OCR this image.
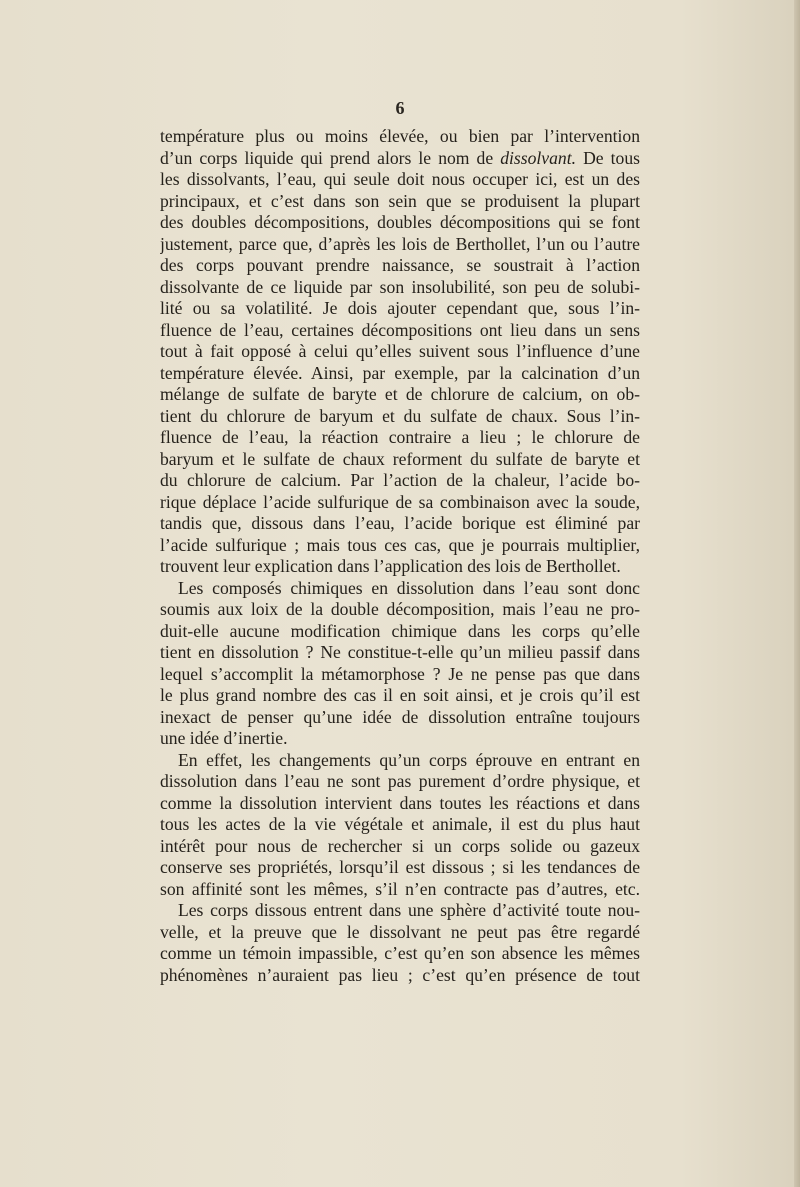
6
température plus ou moins élevée, ou bien par l’intervention
d’un corps liquide qui prend alors le nom de dissolvant. De tous
les dissolvants, l’eau, qui seule doit nous occuper ici, est un des
principaux, et c’est dans son sein que se produisent la plupart
des doubles décompositions, doubles décompositions qui se font
justement, parce que, d’après les lois de Berthollet, l’un ou l’autre
des corps pouvant prendre naissance, se soustrait à l’action
dissolvante de ce liquide par son insolubilité, son peu de solubi-
lité ou sa volatilité. Je dois ajouter cependant que, sous l’in-
fluence de l’eau, certaines décompositions ont lieu dans un sens
tout à fait opposé à celui qu’elles suivent sous l’influence d’une
température élevée. Ainsi, par exemple, par la calcination d’un
mélange de sulfate de baryte et de chlorure de calcium, on ob-
tient du chlorure de baryum et du sulfate de chaux. Sous l’in-
fluence de l’eau, la réaction contraire a lieu ; le chlorure de
baryum et le sulfate de chaux reforment du sulfate de baryte et
du chlorure de calcium. Par l’action de la chaleur, l’acide bo-
rique déplace l’acide sulfurique de sa combinaison avec la soude,
tandis que, dissous dans l’eau, l’acide borique est éliminé par
l’acide sulfurique ; mais tous ces cas, que je pourrais multiplier,
trouvent leur explication dans l’application des lois de Berthollet.
Les composés chimiques en dissolution dans l’eau sont donc
soumis aux loix de la double décomposition, mais l’eau ne pro-
duit-elle aucune modification chimique dans les corps qu’elle
tient en dissolution ? Ne constitue-t-elle qu’un milieu passif dans
lequel s’accomplit la métamorphose ? Je ne pense pas que dans
le plus grand nombre des cas il en soit ainsi, et je crois qu’il est
inexact de penser qu’une idée de dissolution entraîne toujours
une idée d’inertie.
En effet, les changements qu’un corps éprouve en entrant en
dissolution dans l’eau ne sont pas purement d’ordre physique, et
comme la dissolution intervient dans toutes les réactions et dans
tous les actes de la vie végétale et animale, il est du plus haut
intérêt pour nous de rechercher si un corps solide ou gazeux
conserve ses propriétés, lorsqu’il est dissous ; si les tendances de
son affinité sont les mêmes, s’il n’en contracte pas d’autres, etc.
Les corps dissous entrent dans une sphère d’activité toute nou-
velle, et la preuve que le dissolvant ne peut pas être regardé
comme un témoin impassible, c’est qu’en son absence les mêmes
phénomènes n’auraient pas lieu ; c’est qu’en présence de tout
